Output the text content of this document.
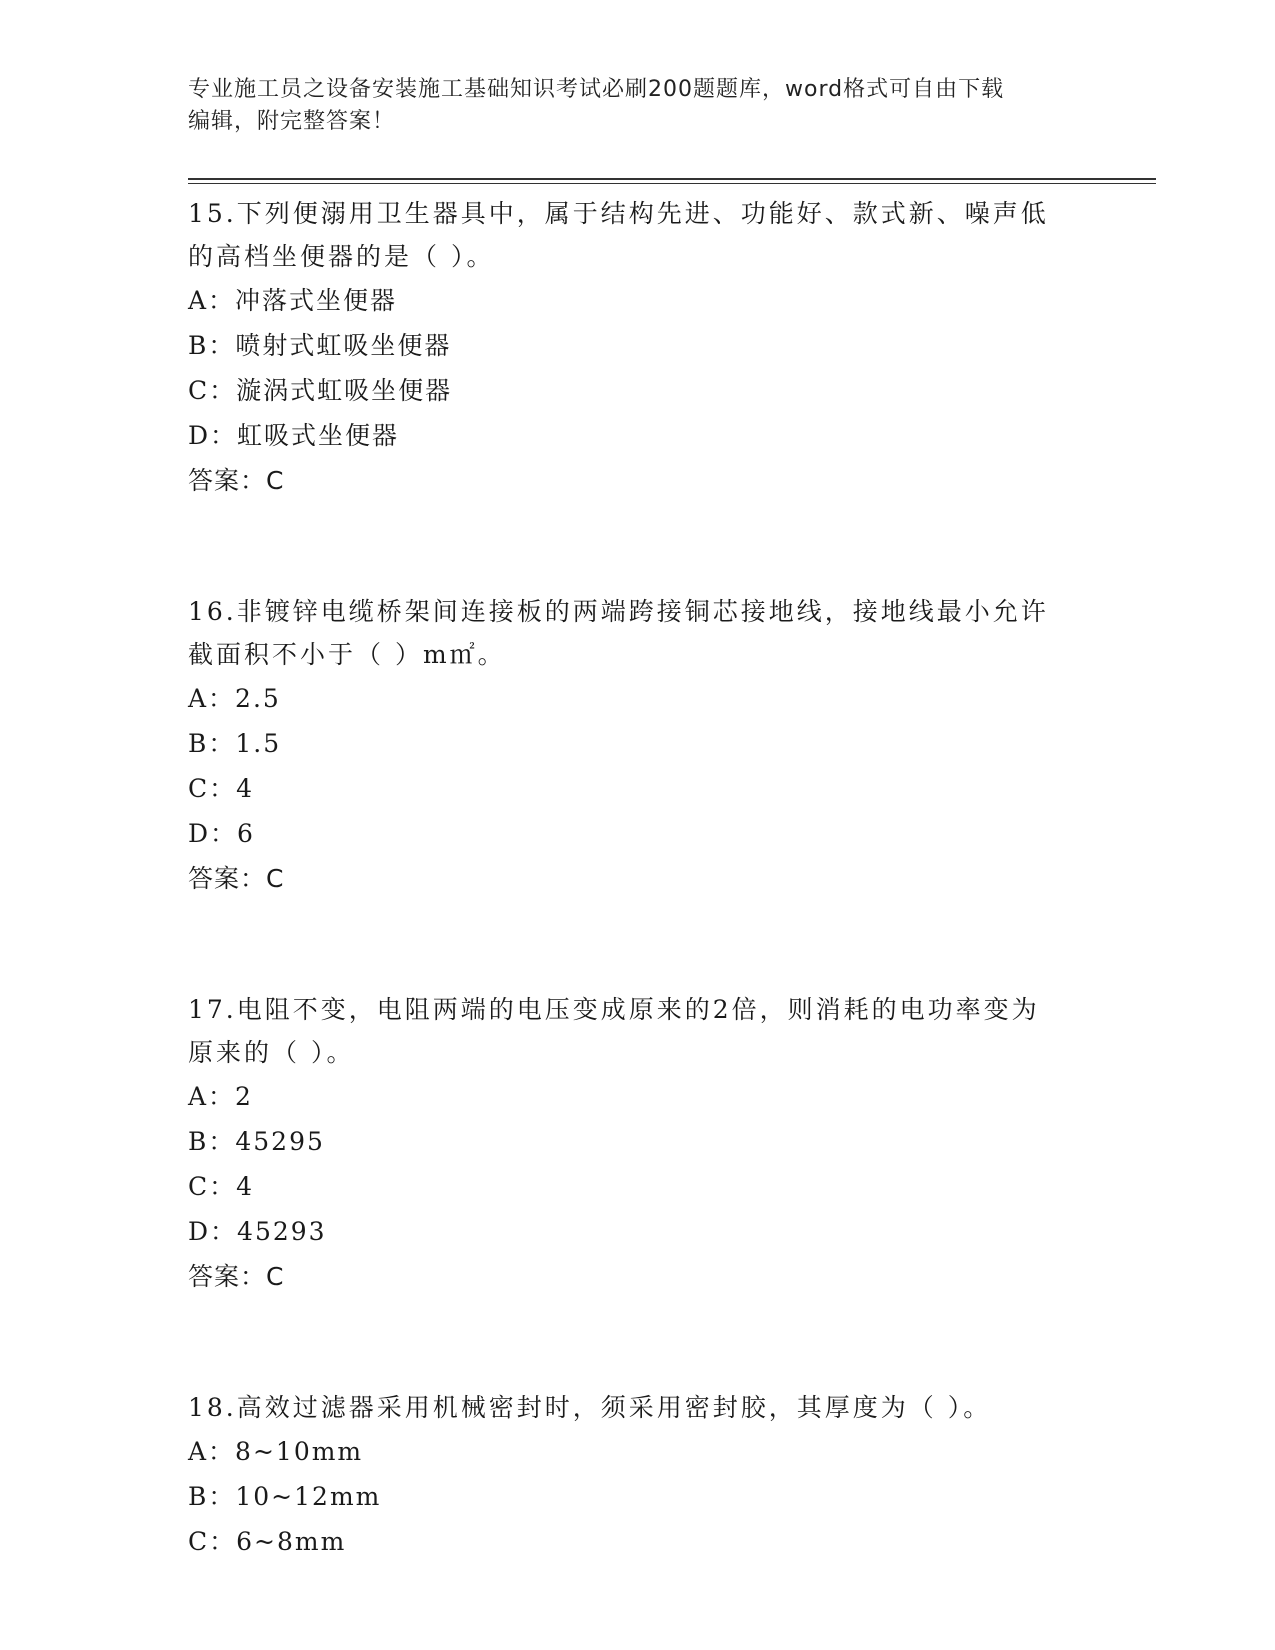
专业施工员之设备安装施工基础知识考试必刷200题题库，word格式可自由下载
编辑，附完整答案！

15.下列便溺用卫生器具中，属于结构先进、功能好、款式新、噪声低

的高档坐便器的是（ ）。

A：冲落式坐便器

B：喷射式虹吸坐便器

C：漩涡式虹吸坐便器

D：虹吸式坐便器

答案：C

16.非镀锌电缆桥架间连接板的两端跨接铜芯接地线，接地线最小允许

截面积不小于（ ）m㎡。

A：2.5

B：1.5

C：4

D：6

答案：C

17.电阻不变，电阻两端的电压变成原来的2倍，则消耗的电功率变为

原来的（ ）。

A：2

B：45295

C：4

D：45293

答案：C

18.高效过滤器采用机械密封时，须采用密封胶，其厚度为（ ）。

A：8~10mm

B：10~12mm

C：6~8mm
